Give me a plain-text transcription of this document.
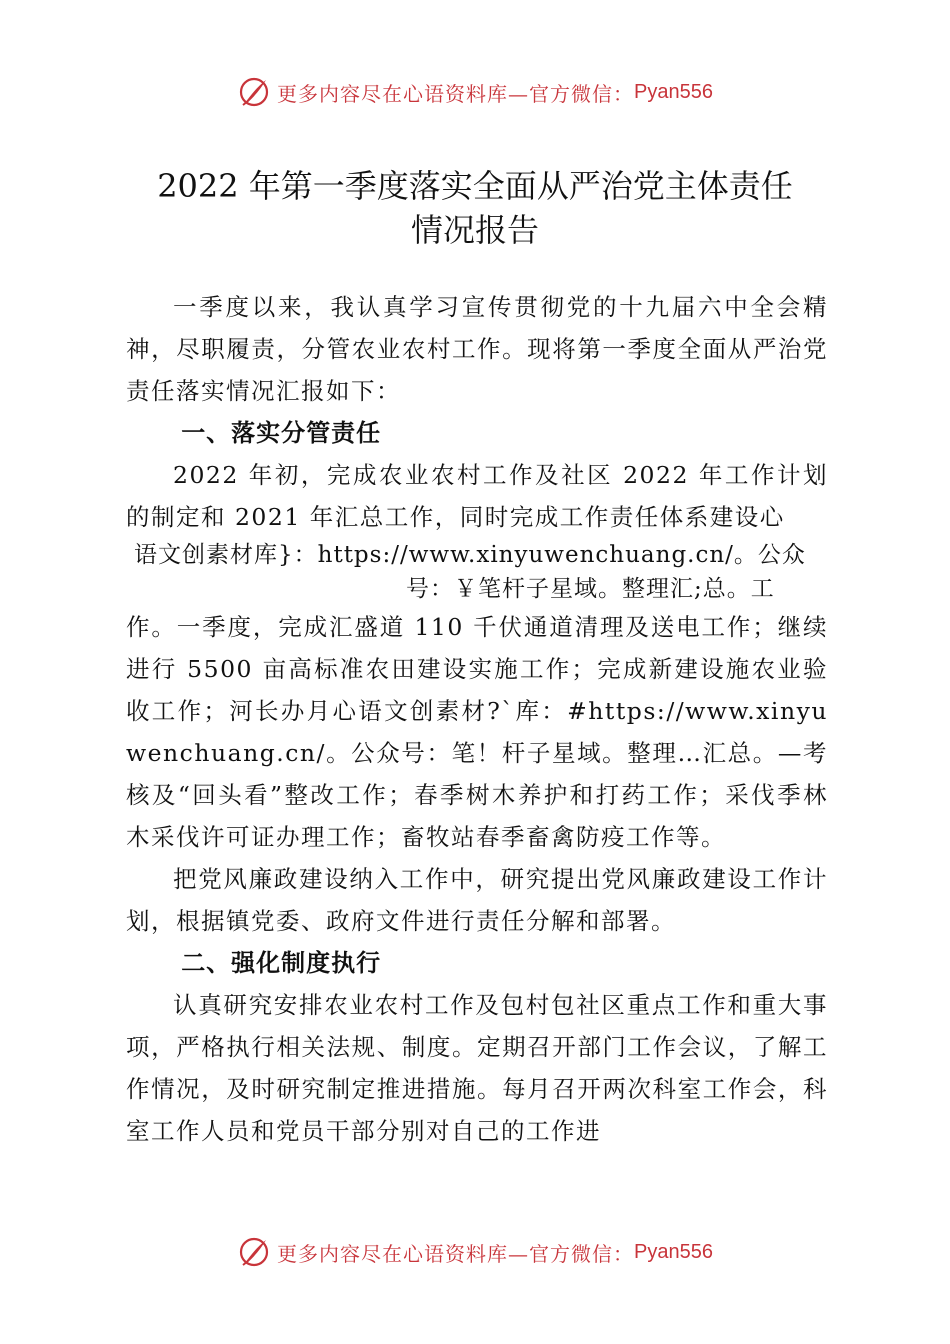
更多内容尽在心语资料库 —官方微信： Pyan556
2022 年第一季度落实全面从严治党主体责任
情况报告

一季度以来，我认真学习宣传贯彻党的十九届六中全会精神，尽职履责，分管农业农村工作。现将第一季度全面从严治党责任落实情况汇报如下：

一、落实分管责任

2022 年初，完成农业农村工作及社区 2022 年工作计划的制定和 2021 年汇总工作，同时完成工作责任体系建设心

语文创素材库}：https://www.xinyuwenchuang.cn/。公众
号：￥笔杆子星域。整理汇;总。工

作。一季度，完成汇盛道 110 千伏通道清理及送电工作；继续进行 5500 亩高标准农田建设实施工作；完成新建设施农业验收工作；河长办月心语文创素材?`库：#https://www.xinyuwenchuang.cn/。公众号：笔！杆子星域。整理…汇总。—考核及“回头看”整改工作；春季树木养护和打药工作；采伐季林木采伐许可证办理工作；畜牧站春季畜禽防疫工作等。

把党风廉政建设纳入工作中，研究提出党风廉政建设工作计划，根据镇党委、政府文件进行责任分解和部署。

二、强化制度执行

认真研究安排农业农村工作及包村包社区重点工作和重大事项，严格执行相关法规、制度。定期召开部门工作会议，了解工作情况，及时研究制定推进措施。每月召开两次科室工作会，科室工作人员和党员干部分别对自己的工作进

更多内容尽在心语资料库 —官方微信： Pyan556
